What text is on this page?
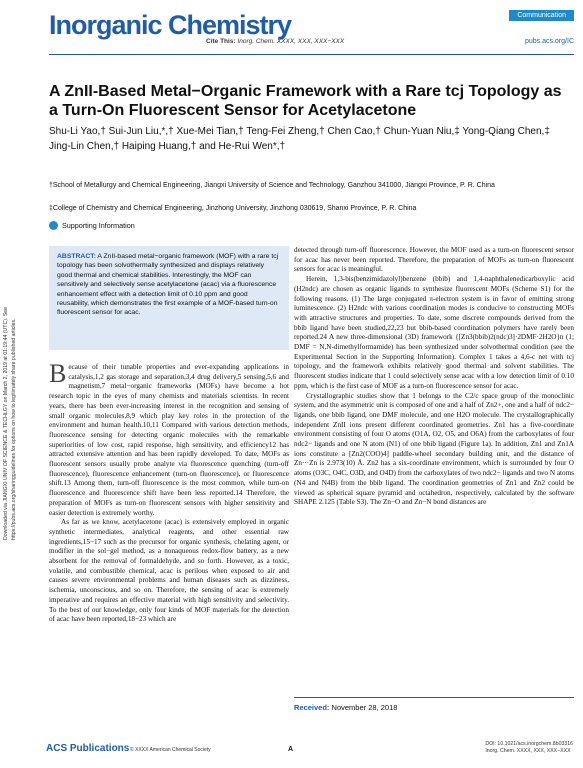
Downloaded via JIANGXI UNIV OF SCIENCE & TECHLGY on March 2, 2019 at 01:19:44 (UTC). See https://pubs.acs.org/sharingguidelines for options on how to legitimately share published articles.
Inorganic Chemistry	Communication
Cite This: Inorg. Chem. XXXX, XXX, XXX−XXX	pubs.acs.org/IC
A ZnII-Based Metal−Organic Framework with a Rare tcj Topology as a Turn-On Fluorescent Sensor for Acetylacetone
Shu-Li Yao,† Sui-Jun Liu,*,† Xue-Mei Tian,† Teng-Fei Zheng,† Chen Cao,† Chun-Yuan Niu,‡ Yong-Qiang Chen,‡ Jing-Lin Chen,† Haiping Huang,† and He-Rui Wen*,†
†School of Metallurgy and Chemical Engineering, Jiangxi University of Science and Technology, Ganzhou 341000, Jiangxi Province, P. R. China
‡College of Chemistry and Chemical Engineering, Jinzhong University, Jinzhong 030619, Shanxi Province, P. R. China
Supporting Information
ABSTRACT: A ZnII-based metal−organic framework (MOF) with a rare tcj topology has been solvothermally synthesized and displays relatively good thermal and chemical stabilities. Interestingly, the MOF can sensitively and selectively sense acetylacetone (acac) via a fluorescence enhancement effect with a detection limit of 0.10 ppm and good reusability, which demonstrates the first example of a MOF-based turn-on fluorescent sensor for acac.

Because of their tunable properties and ever-expanding applications in catalysis,1,2 gas storage and separation,3,4 drug delivery,5 sensing,5,6 and magnetism,7 metal−organic frameworks (MOFs) have become a hot research topic in the eyes of many chemists and materials scientists. In recent years, there has been ever-increasing interest in the recognition and sensing of small organic molecules,8,9 which play key roles in the protection of the environment and human health.10,11 Compared with various detection methods, fluorescence sensing for detecting organic molecules with the remarkable superiorities of low cost, rapid response, high sensitivity, and efficiency12 has attracted extensive attention and has been rapidly developed. To date, MOFs as fluorescent sensors usually probe analyte via fluorescence quenching (turn-off fluorescence), fluorescence enhancement (turn-on fluorescence), or fluorescence shift.13 Among them, turn-off fluorescence is the most common, while turn-on fluorescence and fluorescence shift have been less reported.14 Therefore, the preparation of MOFs as turn-on fluorescent sensors with higher sensitivity and easier detection is extremely worthy.

As far as we know, acetylacetone (acac) is extensively employed in organic synthetic intermediates, analytical reagents, and other essential raw ingredients,15−17 such as the precursor for organic synthesis, chelating agent, or modifier in the sol−gel method, as a nonaqueous redox-flow battery, as a new absorbent for the removal of formaldehyde, and so forth. However, as a toxic, volatile, and combustible chemical, acac is perilous when exposed to air and causes severe environmental problems and human diseases such as dizziness, ischemia, unconscious, and so on. Therefore, the sensing of acac is extremely imperative and requires an effective material with high sensitivity and selectivity. To the best of our knowledge, only four kinds of MOF materials for the detection of acac have been reported,18−23 which are

detected through turn-off fluorescence. However, the MOF used as a turn-on fluorescent sensor for acac has never been reported. Therefore, the preparation of MOFs as turn-on fluorescent sensors for acac is meaningful.

Herein, 1,3-bis(benzimidazolyl)benzene (bbib) and 1,4-naphthalenedicarboxylic acid (H2ndc) are chosen as organic ligands to synthesize fluorescent MOFs (Scheme S1) for the following reasons. (1) The large conjugated π-electron system is in favor of emitting strong luminescence. (2) H2ndc with various coordination modes is conducive to constructing MOFs with attractive structures and properties. To date, some discrete compounds derived from the bbib ligand have been studied,22,23 but bbib-based coordination polymers have rarely been reported.24 A new three-dimensional (3D) framework {[Zn3(bbib)2(ndc)3]·2DMF·2H2O}n (1; DMF = N,N-dimethylformamide) has been synthesized under solvothermal condition (see the Experimental Section in the Supporting Information). Complex 1 takes a 4,6-c net with tcj topology, and the framework exhibits relatively good thermal and solvent stabilities. The fluorescent studies indicate that 1 could selectively sense acac with a low detection limit of 0.10 ppm, which is the first case of MOF as a turn-on fluorescence sensor for acac.

Crystallographic studies show that 1 belongs to the C2/c space group of the monoclinic system, and the asymmetric unit is composed of one and a half of Zn2+, one and a half of ndc2− ligands, one bbib ligand, one DMF molecule, and one H2O molecule. The crystallographically independent ZnII ions present different coordinated geometries. Zn1 has a five-coordinate environment consisting of four O atoms (O1A, O2, O5, and O6A) from the carboxylates of four ndc2− ligands and one N atom (N1) of one bbib ligand (Figure 1a). In addition, Zn1 and Zn1A ions constitute a [Zn2(COO)4] paddle-wheel secondary building unit, and the distance of Zn···Zn is 2.973(10) Å. Zn2 has a six-coordinate environment, which is surrounded by four O atoms (O3C, O4C, O3D, and O4D) from the carboxylates of two ndc2− ligands and two N atoms (N4 and N4B) from the bbib ligand. The coordination geometries of Zn1 and Zn2 could be viewed as spherical square pyramid and octahedron, respectively, calculated by the software SHAPE 2.125 (Table S3). The Zn−O and Zn−N bond distances are

Received: November 28, 2018
ACS Publications © XXXX American Chemical Society	A
DOI: 10.1021/acs.inorgchem.8b03316
Inorg. Chem. XXXX, XXX, XXX−XXX
